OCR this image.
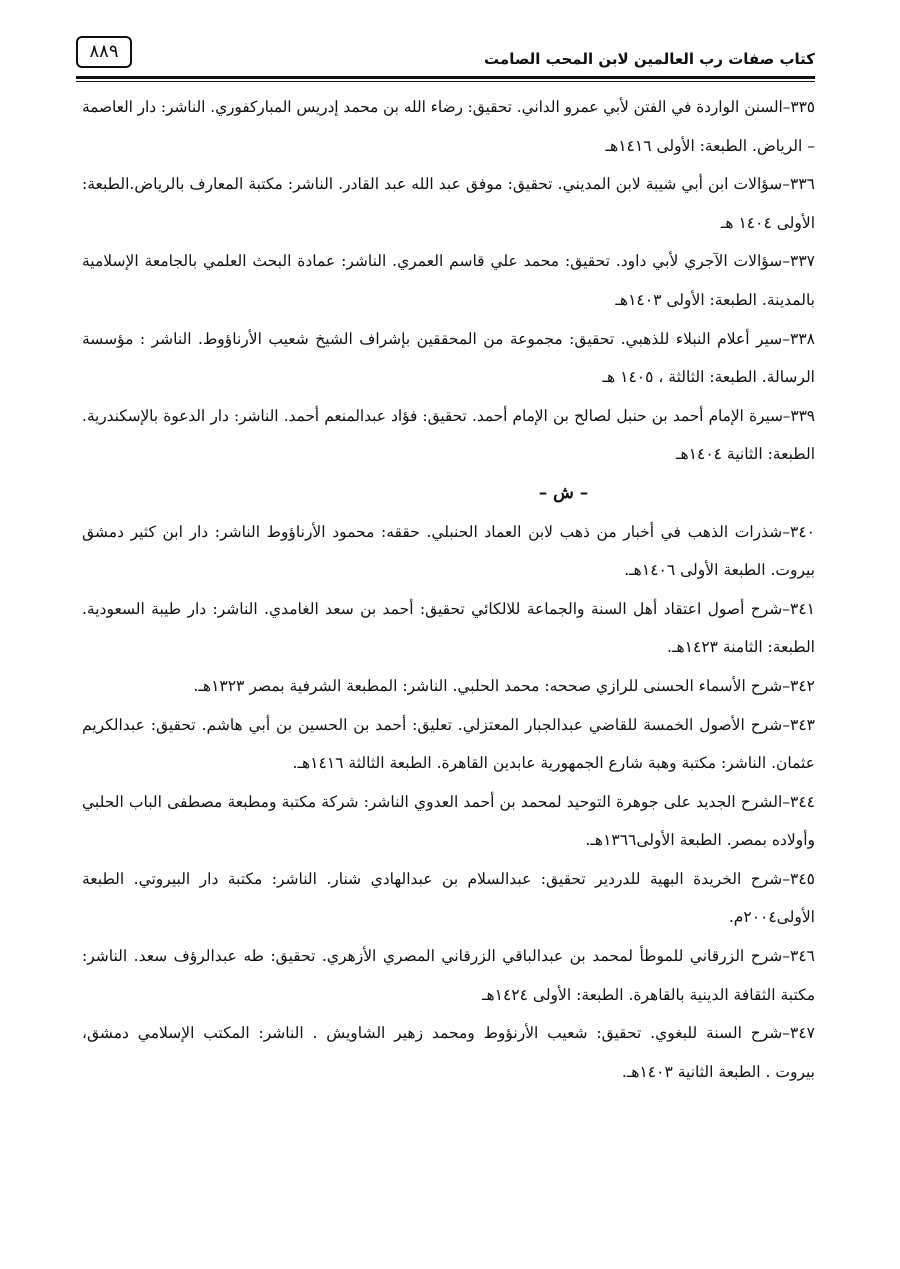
كتاب صفات رب العالمين لابن المحب الصامت
٨٨٩
٣٣٥–السنن الواردة في الفتن لأبي عمرو الداني. تحقيق: رضاء الله بن محمد إدريس المباركفوري. الناشر: دار العاصمة
– الرياض. الطبعة: الأولى ١٤١٦هـ
٣٣٦–سؤالات ابن أبي شيبة لابن المديني. تحقيق: موفق عبد الله عبد القادر. الناشر: مكتبة المعارف بالرياض.الطبعة:
الأولى ١٤٠٤ هـ
٣٣٧–سؤالات الآجري لأبي داود. تحقيق: محمد علي قاسم العمري. الناشر: عمادة البحث العلمي بالجامعة الإسلامية
بالمدينة. الطبعة: الأولى ١٤٠٣هـ
٣٣٨–سير أعلام النبلاء للذهبي. تحقيق: مجموعة من المحققين بإشراف الشيخ شعيب الأرناؤوط. الناشر : مؤسسة
الرسالة. الطبعة: الثالثة ، ١٤٠٥ هـ
٣٣٩–سيرة الإمام أحمد بن حنبل لصالح بن الإمام أحمد. تحقيق: فؤاد عبدالمنعم أحمد. الناشر: دار الدعوة بالإسكندرية.
الطبعة: الثانية ١٤٠٤هـ
– ش –
٣٤٠–شذرات الذهب في أخبار من ذهب لابن العماد الحنبلي. حققه: محمود الأرناؤوط الناشر: دار ابن كثير دمشق
بيروت. الطبعة الأولى ١٤٠٦هـ.
٣٤١–شرح أصول اعتقاد أهل السنة والجماعة للالكائي تحقيق: أحمد بن سعد الغامدي. الناشر: دار طيبة السعودية.
الطبعة: الثامنة ١٤٢٣هـ.
٣٤٢–شرح الأسماء الحسنى للرازي صححه: محمد الحلبي. الناشر: المطبعة الشرفية بمصر ١٣٢٣هـ.
٣٤٣–شرح الأصول الخمسة للقاضي عبدالجبار المعتزلي. تعليق: أحمد بن الحسين بن أبي هاشم. تحقيق: عبدالكريم
عثمان. الناشر: مكتبة وهبة شارع الجمهورية عابدين القاهرة. الطبعة الثالثة ١٤١٦هـ.
٣٤٤–الشرح الجديد على جوهرة التوحيد لمحمد بن أحمد العدوي الناشر: شركة مكتبة ومطبعة مصطفى الباب الحلبي
وأولاده بمصر. الطبعة الأولى١٣٦٦هـ.
٣٤٥–شرح الخريدة البهية للدردير تحقيق: عبدالسلام بن عبدالهادي شنار. الناشر: مكتبة دار البيروتي. الطبعة
الأولى٢٠٠٤م.
٣٤٦–شرح الزرقاني للموطأ لمحمد بن عبدالباقي الزرقاني المصري الأزهري. تحقيق: طه عبدالرؤف سعد. الناشر:
مكتبة الثقافة الدينية بالقاهرة. الطبعة: الأولى ١٤٢٤هـ
٣٤٧–شرح السنة للبغوي. تحقيق: شعيب الأرنؤوط ومحمد زهير الشاويش . الناشر: المكتب الإسلامي دمشق،
بيروت . الطبعة الثانية ١٤٠٣هـ.
